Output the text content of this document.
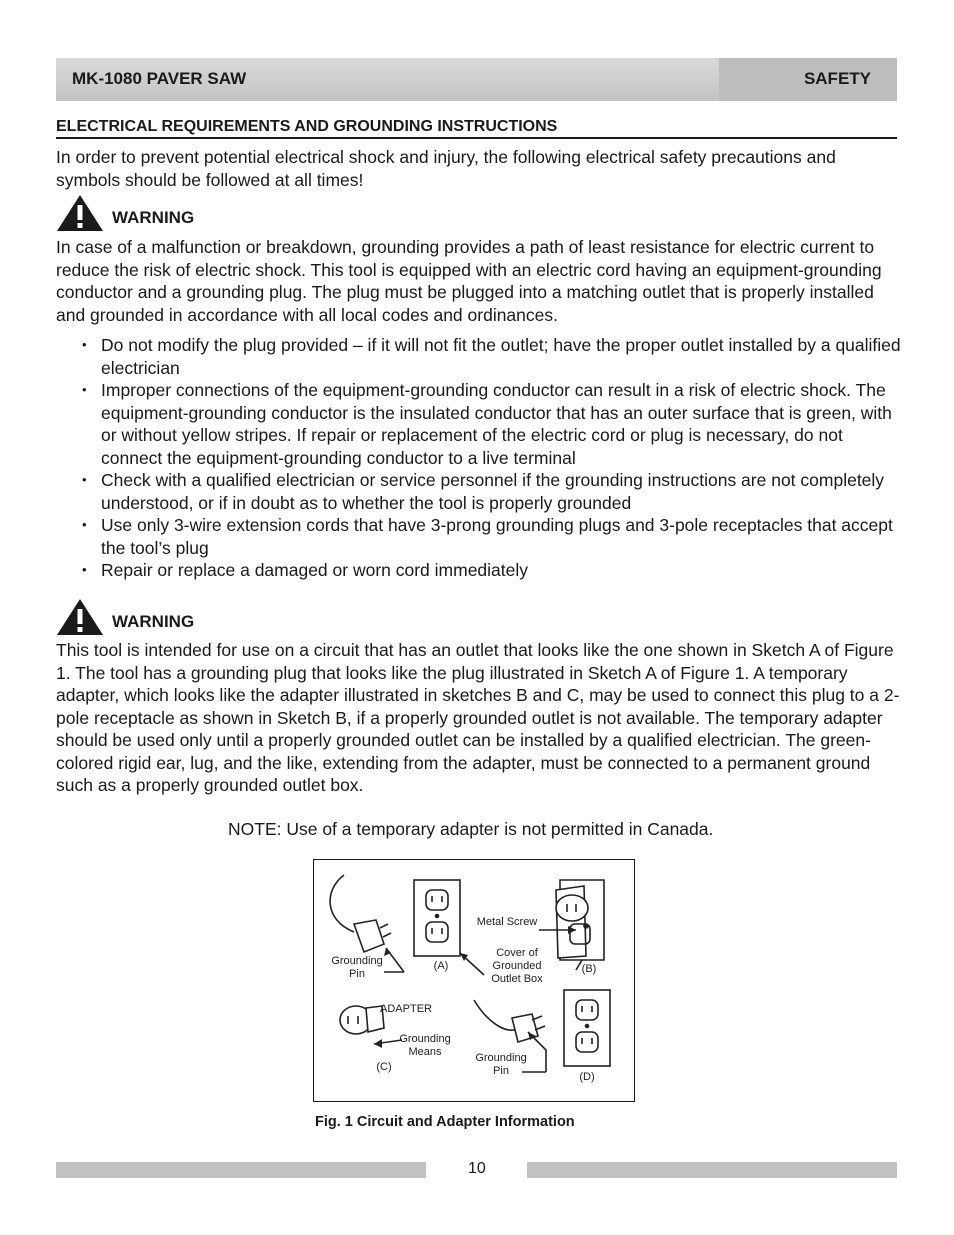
MK-1080 PAVER SAW	SAFETY
ELECTRICAL REQUIREMENTS AND GROUNDING INSTRUCTIONS

In order to prevent potential electrical shock and injury, the following electrical safety precautions and symbols should be followed at all times!

WARNING

In case of a malfunction or breakdown, grounding provides a path of least resistance for electric current to reduce the risk of electric shock. This tool is equipped with an electric cord having an equipment-grounding conductor and a grounding plug. The plug must be plugged into a matching outlet that is properly installed and grounded in accordance with all local codes and ordinances.

• Do not modify the plug provided – if it will not fit the outlet; have the proper outlet installed by a qualified electrician
• Improper connections of the equipment-grounding conductor can result in a risk of electric shock. The equipment-grounding conductor is the insulated conductor that has an outer surface that is green, with or without yellow stripes. If repair or replacement of the electric cord or plug is necessary, do not connect the equipment-grounding conductor to a live terminal
• Check with a qualified electrician or service personnel if the grounding instructions are not completely understood, or if in doubt as to whether the tool is properly grounded
• Use only 3-wire extension cords that have 3-prong grounding plugs and 3-pole receptacles that accept the tool’s plug
• Repair or replace a damaged or worn cord immediately
WARNING

This tool is intended for use on a circuit that has an outlet that looks like the one shown in Sketch A of Figure 1. The tool has a grounding plug that looks like the plug illustrated in Sketch A of Figure 1. A temporary adapter, which looks like the adapter illustrated in sketches B and C, may be used to connect this plug to a 2-pole receptacle as shown in Sketch B, if a properly grounded outlet is not available. The temporary adapter should be used only until a properly grounded outlet can be installed by a qualified electrician. The green-colored rigid ear, lug, and the like, extending from the adapter, must be connected to a permanent ground such as a properly grounded outlet box.

NOTE: Use of a temporary adapter is not permitted in Canada.
Grounding Pin
(A)
Metal Screw
Cover of Grounded Outlet Box
(B)
ADAPTER
Grounding Means
(C)
Grounding Pin	(D)
Fig. 1 Circuit and Adapter Information
10
